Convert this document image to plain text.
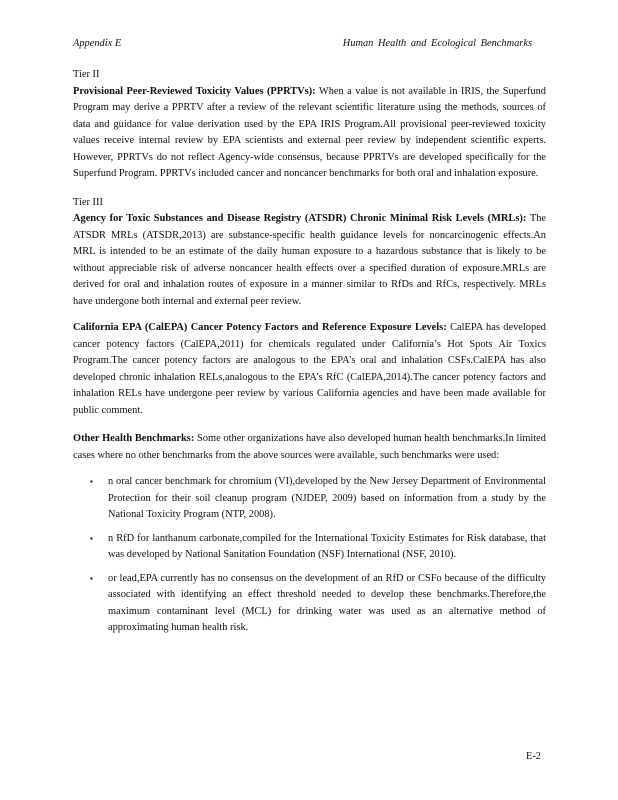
Appendix E	Human Health and Ecological Benchmarks

Tier II

Provisional Peer-Reviewed Toxicity Values (PPRTVs): When a value is not available in IRIS, the Superfund Program may derive a PPRTV after a review of the relevant scientific literature using the methods, sources of data and guidance for value derivation used by the EPA IRIS Program.All provisional peer-reviewed toxicity values receive internal review by EPA scientists and external peer review by independent scientific experts. However, PPRTVs do not reflect Agency-wide consensus, because PPRTVs are developed specifically for the Superfund Program. PPRTVs included cancer and noncancer benchmarks for both oral and inhalation exposure.

Tier III

Agency for Toxic Substances and Disease Registry (ATSDR) Chronic Minimal Risk Levels (MRLs): The ATSDR MRLs (ATSDR,2013) are substance-specific health guidance levels for noncarcinogenic effects.An MRL is intended to be an estimate of the daily human exposure to a hazardous substance that is likely to be without appreciable risk of adverse noncancer health effects over a specified duration of exposure.MRLs are derived for oral and inhalation routes of exposure in a manner similar to RfDs and RfCs, respectively. MRLs have undergone both internal and external peer review.

California EPA (CalEPA) Cancer Potency Factors and Reference Exposure Levels: CalEPA has developed cancer potency factors (CalEPA,2011) for chemicals regulated under California’s Hot Spots Air Toxics Program.The cancer potency factors are analogous to the EPA’s oral and inhalation CSFs.CalEPA has also developed chronic inhalation RELs,analogous to the EPA’s RfC (CalEPA,2014).The cancer potency factors and inhalation RELs have undergone peer review by various California agencies and have been made available for public comment.

Other Health Benchmarks: Some other organizations have also developed human health benchmarks.In limited cases where no other benchmarks from the above sources were available, such benchmarks were used:

▪ n oral cancer benchmark for chromium (VI),developed by the New Jersey Department of Environmental Protection for their soil cleanup program (NJDEP, 2009) based on information from a study by the National Toxicity Program (NTP, 2008).
▪ n RfD for lanthanum carbonate,compiled for the International Toxicity Estimates for Risk database, that was developed by National Sanitation Foundation (NSF) International (NSF, 2010).
▪ or lead,EPA currently has no consensus on the development of an RfD or CSFo because of the difficulty associated with identifying an effect threshold needed to develop these benchmarks.Therefore,the maximum contaminant level (MCL) for drinking water was used as an alternative method of approximating human health risk.
E-2
